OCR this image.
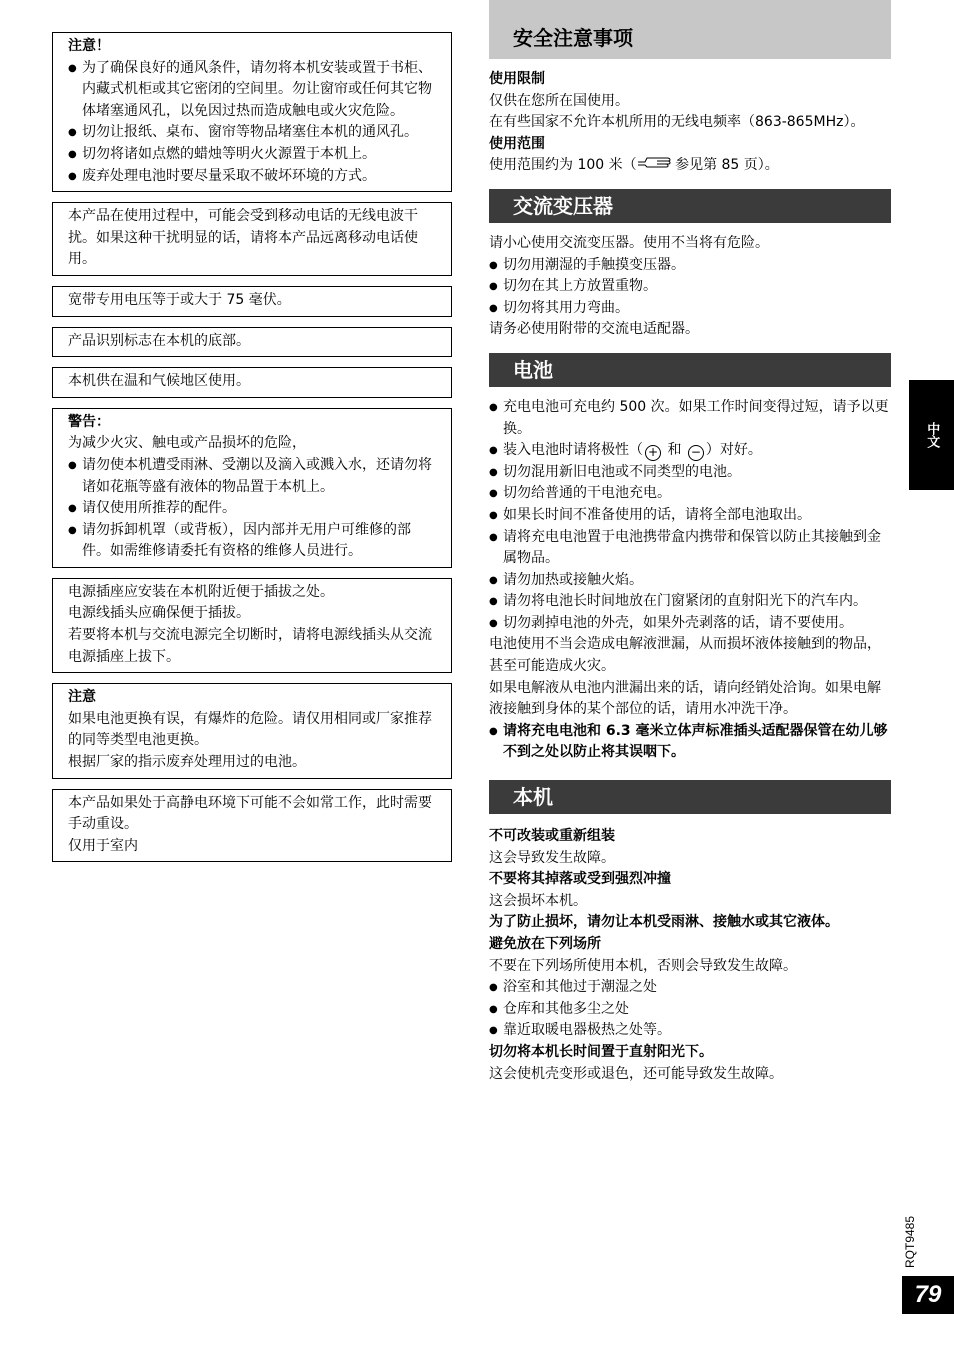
注意！

● 为了确保良好的通风条件，请勿将本机安装或置于书柜、内藏式机柜或其它密闭的空间里。勿让窗帘或任何其它物体堵塞通风孔，以免因过热而造成触电或火灾危险。
● 切勿让报纸、桌布、窗帘等物品堵塞住本机的通风孔。
● 切勿将诸如点燃的蜡烛等明火火源置于本机上。
● 废弃处理电池时要尽量采取不破坏环境的方式。

本产品在使用过程中，可能会受到移动电话的无线电波干扰。如果这种干扰明显的话，请将本产品远离移动电话使用。

宽带专用电压等于或大于 75 毫伏。

产品识别标志在本机的底部。

本机供在温和气候地区使用。

警告：

为减少火灾、触电或产品损坏的危险，

● 请勿使本机遭受雨淋、受潮以及滴入或溅入水，还请勿将诸如花瓶等盛有液体的物品置于本机上。
● 请仅使用所推荐的配件。
● 请勿拆卸机罩（或背板），因内部并无用户可维修的部件。如需维修请委托有资格的维修人员进行。

电源插座应安装在本机附近便于插拔之处。

电源线插头应确保便于插拔。

若要将本机与交流电源完全切断时，请将电源线插头从交流电源插座上拔下。

注意

如果电池更换有误，有爆炸的危险。请仅用相同或厂家推荐的同等类型电池更换。

根据厂家的指示废弃处理用过的电池。

本产品如果处于高静电环境下可能不会如常工作，此时需要手动重设。

仅用于室内

安全注意事项

使用限制

仅供在您所在国使用。

在有些国家不允许本机所用的无线电频率（863-865MHz）。

使用范围

使用范围约为 100 米（ 参见第 85 页）。

交流变压器

请小心使用交流变压器。使用不当将有危险。

● 切勿用潮湿的手触摸变压器。
● 切勿在其上方放置重物。
● 切勿将其用力弯曲。

请务必使用附带的交流电适配器。

电池
● 充电电池可充电约 500 次。如果工作时间变得过短，请予以更换。
● 装入电池时请将极性（ + 和 − ）对好。
● 切勿混用新旧电池或不同类型的电池。
● 切勿给普通的干电池充电。
● 如果长时间不准备使用的话，请将全部电池取出。
● 请将充电电池置于电池携带盒内携带和保管以防止其接触到金属物品。
● 请勿加热或接触火焰。
● 请勿将电池长时间地放在门窗紧闭的直射阳光下的汽车内。
● 切勿剥掉电池的外壳，如果外壳剥落的话，请不要使用。

电池使用不当会造成电解液泄漏，从而损坏液体接触到的物品，甚至可能造成火灾。

如果电解液从电池内泄漏出来的话，请向经销处洽询。如果电解液接触到身体的某个部位的话，请用水冲洗干净。

● 请将充电电池和 6.3 毫米立体声标准插头适配器保管在幼儿够不到之处以防止将其误咽下。
本机

不可改装或重新组装

这会导致发生故障。

不要将其掉落或受到强烈冲撞

这会损坏本机。

为了防止损坏，请勿让本机受雨淋、接触水或其它液体。

避免放在下列场所

不要在下列场所使用本机，否则会导致发生故障。

● 浴室和其他过于潮湿之处
● 仓库和其他多尘之处
● 靠近取暖电器极热之处等。

切勿将本机长时间置于直射阳光下。

这会使机壳变形或退色，还可能导致发生故障。

中文
RQT9485
79
